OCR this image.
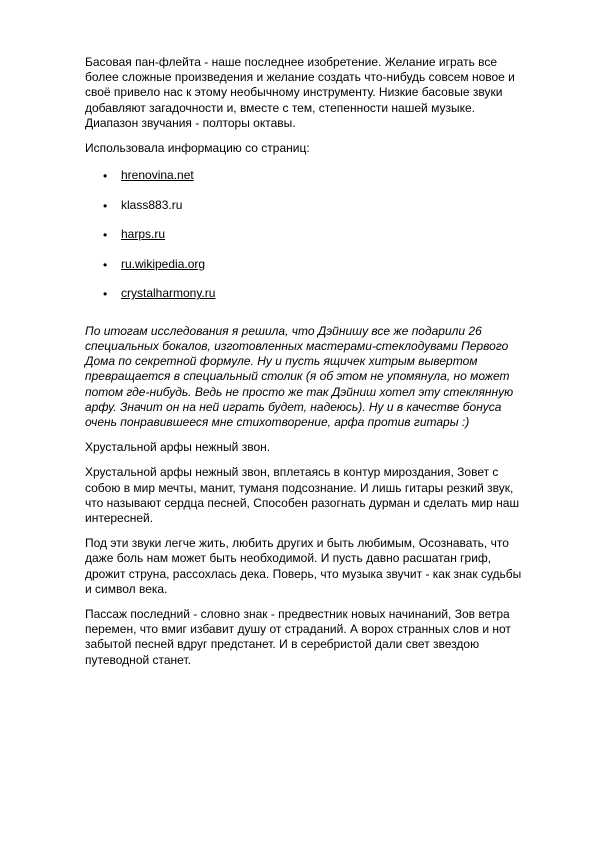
Басовая пан-флейта - наше последнее изобретение. Желание играть все более сложные произведения и желание создать что-нибудь совсем новое и своё привело нас к этому необычному инструменту. Низкие басовые звуки добавляют загадочности и, вместе с тем, степенности нашей музыке. Диапазон звучания - полторы октавы.

Использовала информацию со страниц:

• hrenovina.net
• klass883.ru
• harps.ru
• ru.wikipedia.org
• crystalharmony.ru

По итогам исследования я решила, что Дэйнишу все же подарили 26 специальных бокалов, изготовленных мастерами-стеклодувами Первого Дома по секретной формуле. Ну и пусть ящичек хитрым вывертом превращается в специальный столик (я об этом не упомянула, но может потом где-нибудь. Ведь не просто же так Дэйниш хотел эту стеклянную арфу. Значит он на ней играть будет, надеюсь). Ну и в качестве бонуса очень понравившееся мне стихотворение, арфа против гитары :)

Хрустальной арфы нежный звон.

Хрустальной арфы нежный звон, вплетаясь в контур мироздания, Зовет с собою в мир мечты, манит, туманя подсознание. И лишь гитары резкий звук, что называют сердца песней, Способен разогнать дурман и сделать мир наш интересней.

Под эти звуки легче жить, любить других и быть любимым, Осознавать, что даже боль нам может быть необходимой. И пусть давно расшатан гриф, дрожит струна, рассохлась дека. Поверь, что музыка звучит - как знак судьбы и символ века.

Пассаж последний - словно знак - предвестник новых начинаний, Зов ветра перемен, что вмиг избавит душу от страданий. А ворох странных слов и нот забытой песней вдруг предстанет. И в серебристой дали свет звездою путеводной станет.
